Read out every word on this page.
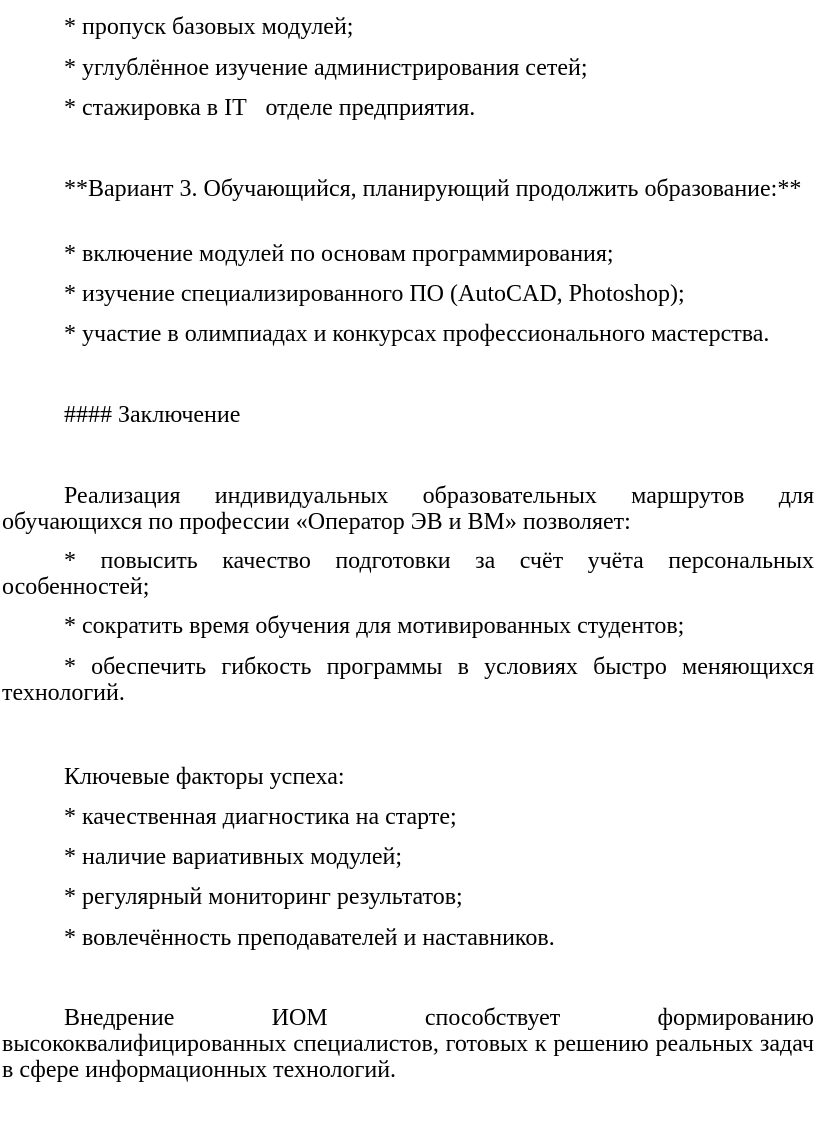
* пропуск базовых модулей;

* углублённое изучение администрирования сетей;

* стажировка в IT отделе предприятия.

**Вариант 3. Обучающийся, планирующий продолжить образование:**

* включение модулей по основам программирования;

* изучение специализированного ПО (AutoCAD, Photoshop);

* участие в олимпиадах и конкурсах профессионального мастерства.

#### Заключение

Реализация индивидуальных образовательных маршрутов для обучающихся по профессии «Оператор ЭВ и ВМ» позволяет:

* повысить качество подготовки за счёт учёта персональных особенностей;

* сократить время обучения для мотивированных студентов;

* обеспечить гибкость программы в условиях быстро меняющихся технологий.

Ключевые факторы успеха:

* качественная диагностика на старте;

* наличие вариативных модулей;

* регулярный мониторинг результатов;

* вовлечённость преподавателей и наставников.

Внедрение ИОМ способствует формированию высококвалифицированных специалистов, готовых к решению реальных задач в сфере информационных технологий.
